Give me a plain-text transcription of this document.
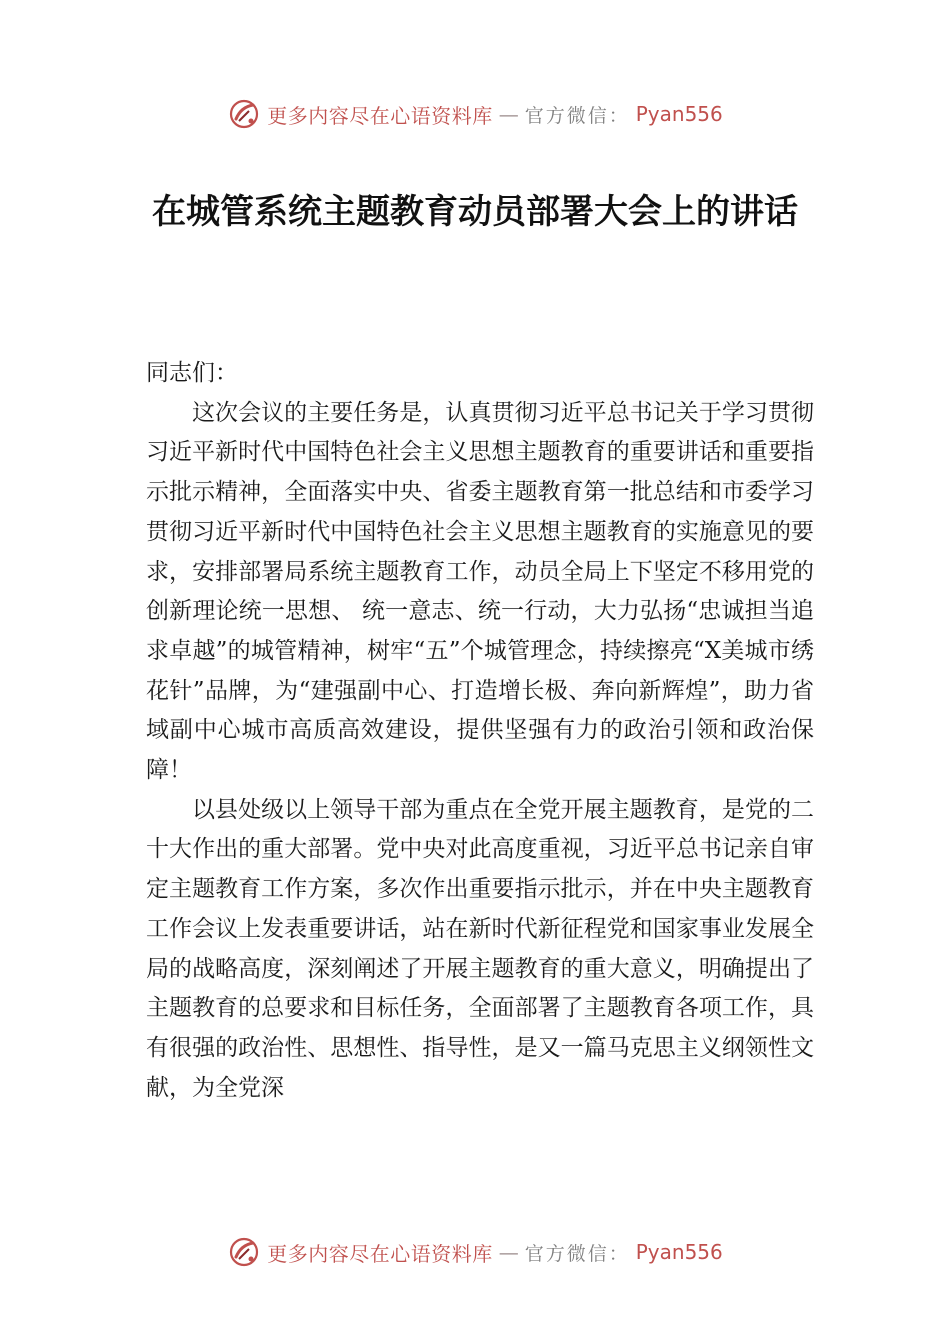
更多内容尽在心语资料库 — 官方微信： Pyan556
在城管系统主题教育动员部署大会上的讲话

同志们：

这次会议的主要任务是，认真贯彻习近平总书记关于学习贯彻习近平新时代中国特色社会主义思想主题教育的重要讲话和重要指示批示精神，全面落实中央、省委主题教育第一批总结和市委学习贯彻习近平新时代中国特色社会主义思想主题教育的实施意见的要求，安排部署局系统主题教育工作，动员全局上下坚定不移用党的创新理论统一思想、 统一意志、统一行动，大力弘扬“忠诚担当追求卓越”的城管精神，树牢“五”个城管理念，持续擦亮“X美城市绣花针”品牌，为“建强副中心、打造增长极、奔向新辉煌”，助力省域副中心城市高质高效建设，提供坚强有力的政治引领和政治保障！

以县处级以上领导干部为重点在全党开展主题教育，是党的二十大作出的重大部署。党中央对此高度重视，习近平总书记亲自审定主题教育工作方案，多次作出重要指示批示，并在中央主题教育工作会议上发表重要讲话，站在新时代新征程党和国家事业发展全局的战略高度，深刻阐述了开展主题教育的重大意义，明确提出了主题教育的总要求和目标任务，全面部署了主题教育各项工作，具有很强的政治性、思想性、指导性，是又一篇马克思主义纲领性文献，为全党深

更多内容尽在心语资料库 — 官方微信： Pyan556
